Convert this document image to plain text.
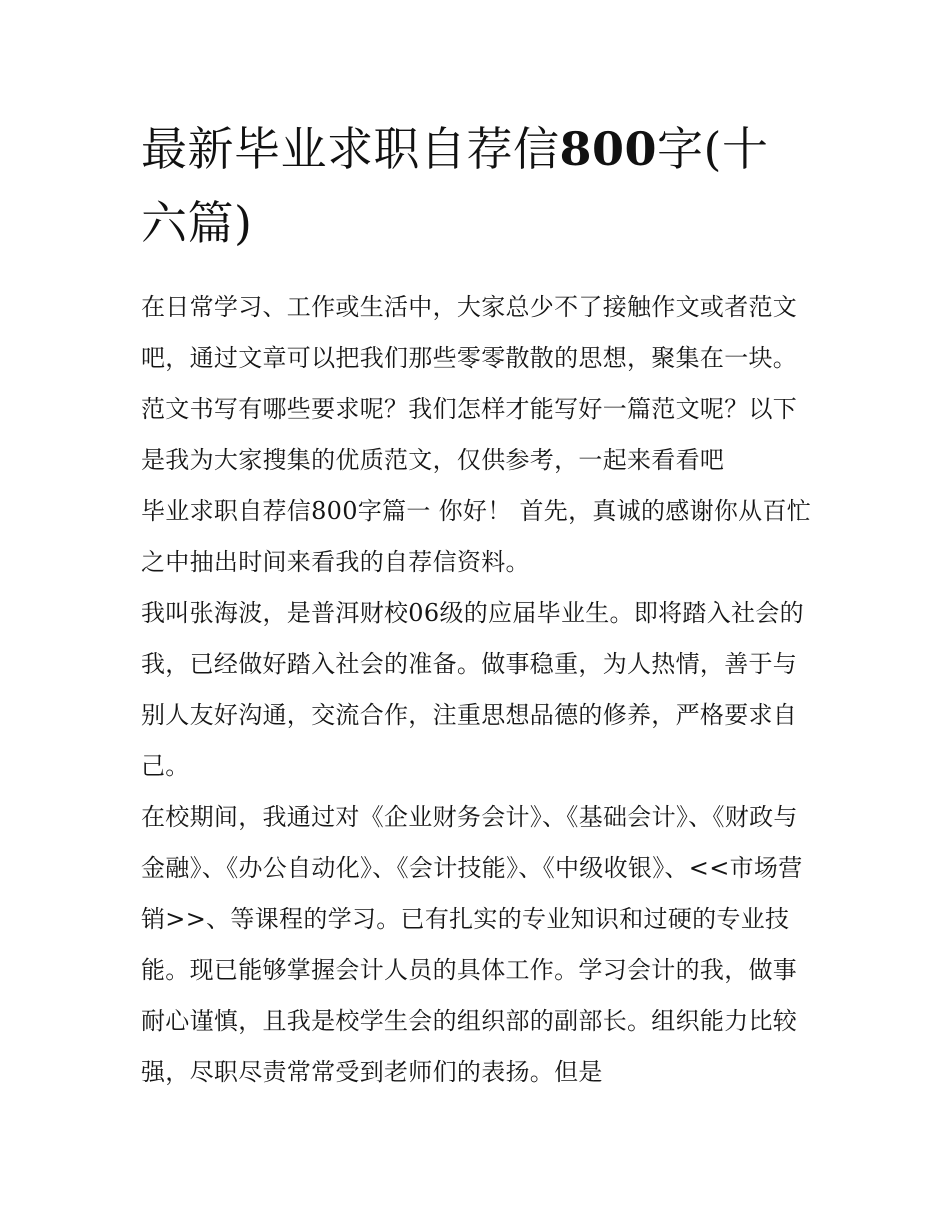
最新毕业求职自荐信800字(十六篇)

在日常学习、工作或生活中，大家总少不了接触作文或者范文吧，通过文章可以把我们那些零零散散的思想，聚集在一块。范文书写有哪些要求呢？我们怎样才能写好一篇范文呢？以下是我为大家搜集的优质范文，仅供参考，一起来看看吧

毕业求职自荐信800字篇一 你好！ 首先，真诚的感谢你从百忙之中抽出时间来看我的自荐信资料。

我叫张海波，是普洱财校06级的应届毕业生。即将踏入社会的我，已经做好踏入社会的准备。做事稳重，为人热情，善于与别人友好沟通，交流合作，注重思想品德的修养，严格要求自己。

在校期间，我通过对《企业财务会计》、《基础会计》、《财政与金融》、《办公自动化》、《会计技能》、《中级收银》、<<市场营销>>、等课程的学习。已有扎实的专业知识和过硬的专业技能。现已能够掌握会计人员的具体工作。学习会计的我，做事耐心谨慎，且我是校学生会的组织部的副部长。组织能力比较强，尽职尽责常常受到老师们的表扬。但是
